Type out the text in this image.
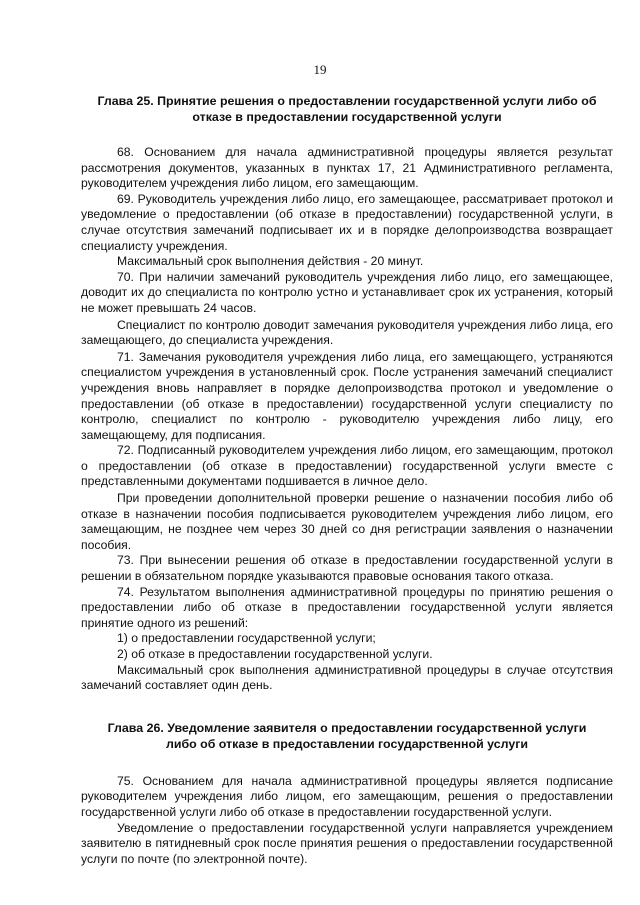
19
Глава 25. Принятие решения о предоставлении государственной услуги либо об отказе в предоставлении государственной услуги

68. Основанием для начала административной процедуры является результат рассмотрения документов, указанных в пунктах 17, 21 Административного регламента, руководителем учреждения либо лицом, его замещающим.

69. Руководитель учреждения либо лицо, его замещающее, рассматривает протокол и уведомление о предоставлении (об отказе в предоставлении) государственной услуги, в случае отсутствия замечаний подписывает их и в порядке делопроизводства возвращает специалисту учреждения.

Максимальный срок выполнения действия - 20 минут.

70. При наличии замечаний руководитель учреждения либо лицо, его замещающее, доводит их до специалиста по контролю устно и устанавливает срок их устранения, который не может превышать 24 часов.

Специалист по контролю доводит замечания руководителя учреждения либо лица, его замещающего, до специалиста учреждения.

71. Замечания руководителя учреждения либо лица, его замещающего, устраняются специалистом учреждения в установленный срок. После устранения замечаний специалист учреждения вновь направляет в порядке делопроизводства протокол и уведомление о предоставлении (об отказе в предоставлении) государственной услуги специалисту по контролю, специалист по контролю - руководителю учреждения либо лицу, его замещающему, для подписания.

72. Подписанный руководителем учреждения либо лицом, его замещающим, протокол о предоставлении (об отказе в предоставлении) государственной услуги вместе с представленными документами подшивается в личное дело.

При проведении дополнительной проверки решение о назначении пособия либо об отказе в назначении пособия подписывается руководителем учреждения либо лицом, его замещающим, не позднее чем через 30 дней со дня регистрации заявления о назначении пособия.

73. При вынесении решения об отказе в предоставлении государственной услуги в решении в обязательном порядке указываются правовые основания такого отказа.

74. Результатом выполнения административной процедуры по принятию решения о предоставлении либо об отказе в предоставлении государственной услуги является принятие одного из решений:

1) о предоставлении государственной услуги;

2) об отказе в предоставлении государственной услуги.

Максимальный срок выполнения административной процедуры в случае отсутствия замечаний составляет один день.

Глава 26. Уведомление заявителя о предоставлении государственной услуги либо об отказе в предоставлении государственной услуги

75. Основанием для начала административной процедуры является подписание руководителем учреждения либо лицом, его замещающим, решения о предоставлении государственной услуги либо об отказе в предоставлении государственной услуги.

Уведомление о предоставлении государственной услуги направляется учреждением заявителю в пятидневный срок после принятия решения о предоставлении государственной услуги по почте (по электронной почте).
